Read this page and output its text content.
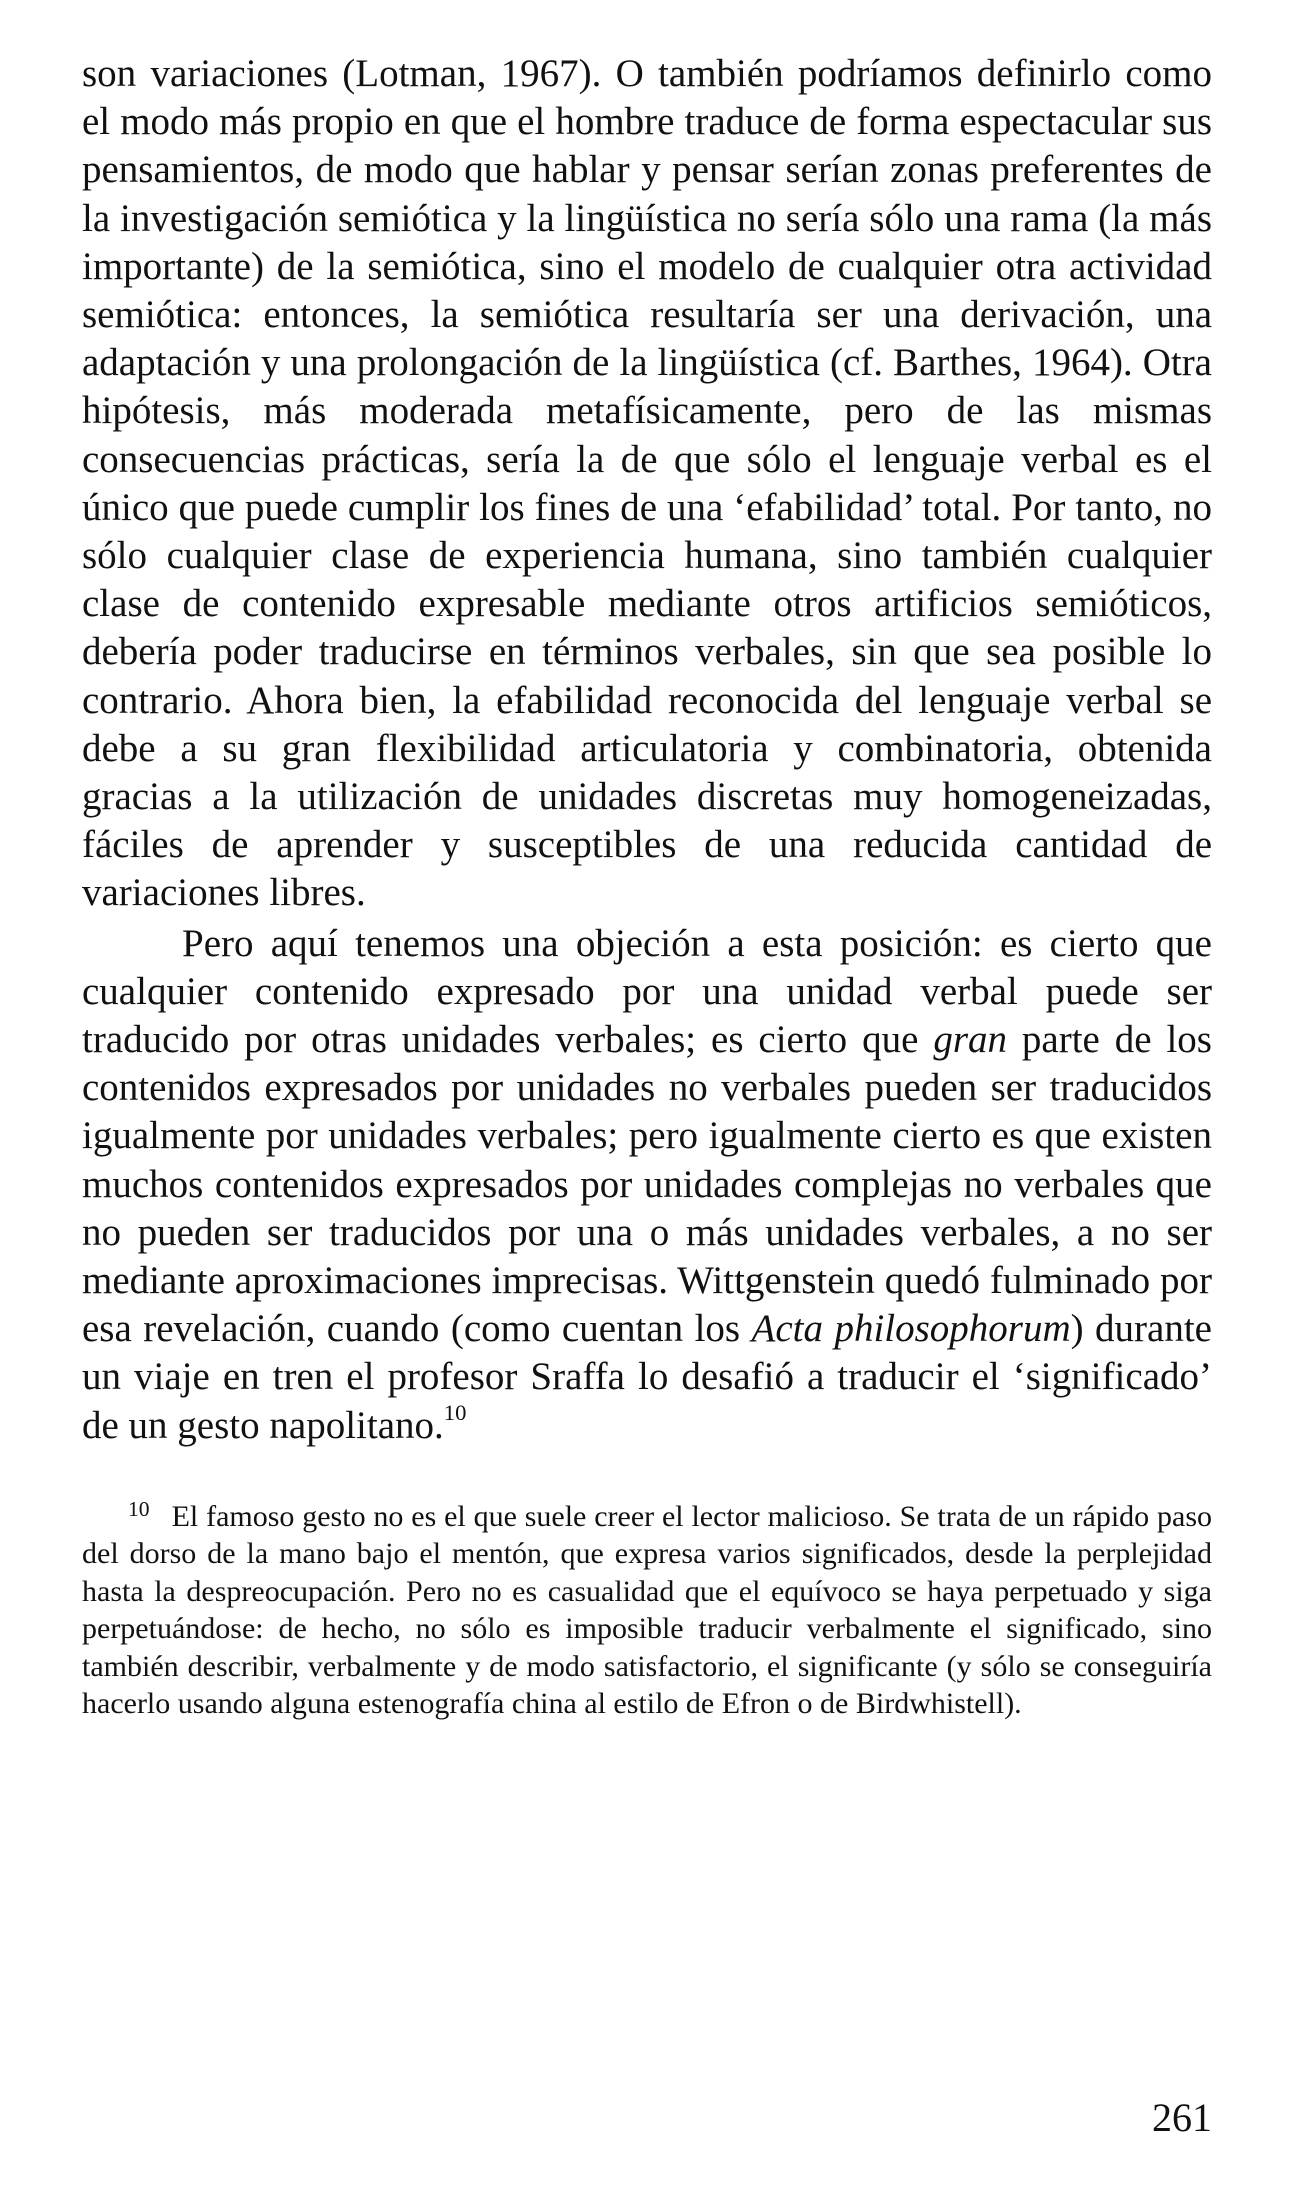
son variaciones (Lotman, 1967). O también podríamos definirlo como el modo más propio en que el hombre traduce de forma espectacular sus pensamientos, de modo que hablar y pensar serían zonas preferentes de la investigación semiótica y la lingüística no sería sólo una rama (la más importante) de la semiótica, sino el modelo de cualquier otra actividad semiótica: entonces, la semiótica resultaría ser una derivación, una adaptación y una prolongación de la lingüística (cf. Barthes, 1964). Otra hipótesis, más moderada metafísicamente, pero de las mismas consecuencias prácticas, sería la de que sólo el lenguaje verbal es el único que puede cumplir los fines de una ‘efabilidad’ total. Por tanto, no sólo cualquier clase de experiencia humana, sino también cualquier clase de contenido expresable mediante otros artificios semióticos, debería poder traducirse en términos verbales, sin que sea posible lo contrario. Ahora bien, la efabilidad reconocida del lenguaje verbal se debe a su gran flexibilidad articulatoria y combinatoria, obtenida gracias a la utilización de unidades discretas muy homogeneizadas, fáciles de aprender y susceptibles de una reducida cantidad de variaciones libres.

Pero aquí tenemos una objeción a esta posición: es cierto que cualquier contenido expresado por una unidad verbal puede ser traducido por otras unidades verbales; es cierto que gran parte de los contenidos expresados por unidades no verbales pueden ser traducidos igualmente por unidades verbales; pero igualmente cierto es que existen muchos contenidos expresados por unidades complejas no verbales que no pueden ser traducidos por una o más unidades verbales, a no ser mediante aproximaciones imprecisas. Wittgenstein quedó fulminado por esa revelación, cuando (como cuentan los Acta philosophorum) durante un viaje en tren el profesor Sraffa lo desafió a traducir el ‘significado’ de un gesto napolitano.$^{10}$

$^{10}$ El famoso gesto no es el que suele creer el lector malicioso. Se trata de un rápido paso del dorso de la mano bajo el mentón, que expresa varios significados, desde la perplejidad hasta la despreocupación. Pero no es casualidad que el equívoco se haya perpetuado y siga perpetuándose: de hecho, no sólo es imposible traducir verbalmente el significado, sino también describir, verbalmente y de modo satisfactorio, el significante (y sólo se conseguiría hacerlo usando alguna estenografía china al estilo de Efron o de Birdwhistell).

261
